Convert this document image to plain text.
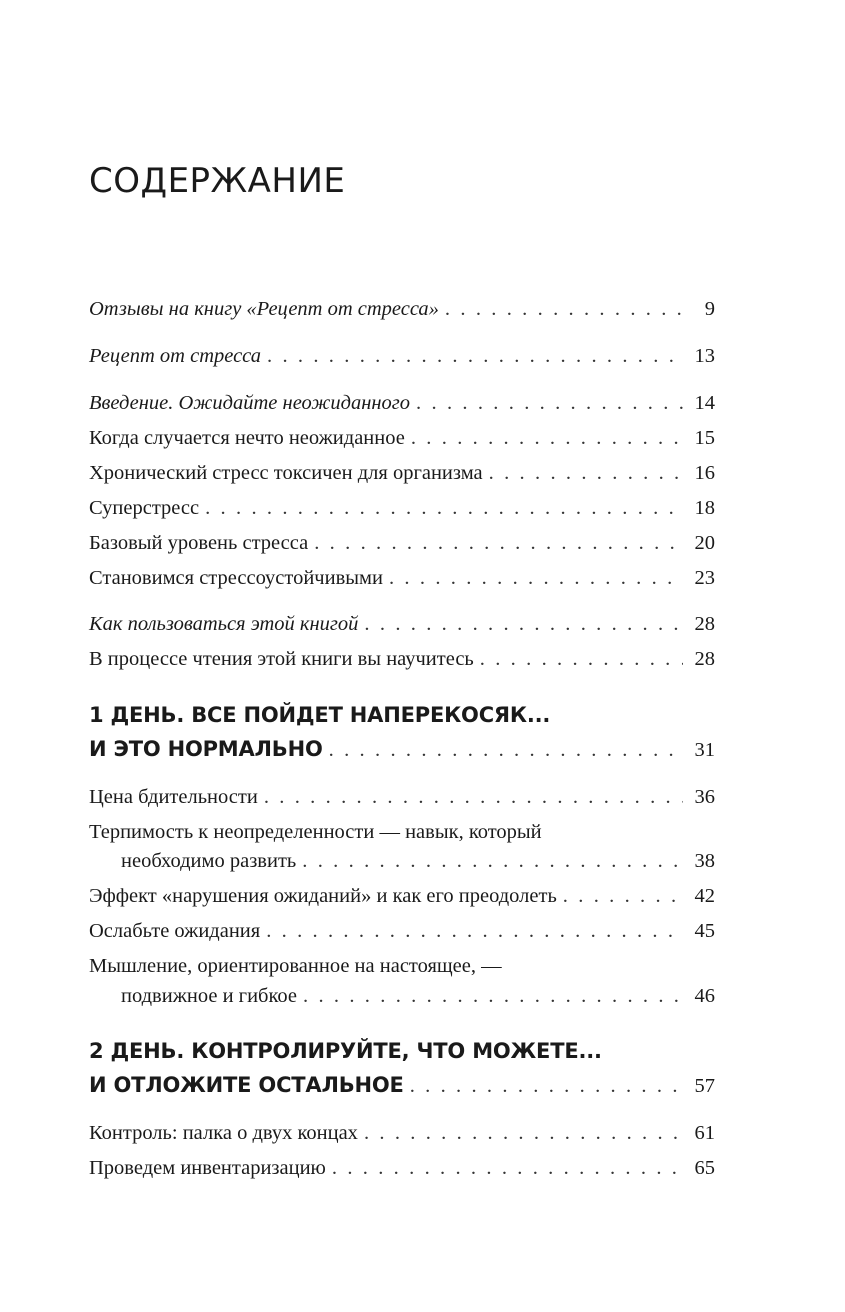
СОДЕРЖАНИЕ
Отзывы на книгу «Рецепт от стресса» . . .	9
Рецепт от стресса . . .	13
Введение. Ожидайте неожиданного . . .	14
Когда случается нечто неожиданное . . .	15
Хронический стресс токсичен для организма . . .	16
Суперстресс . . .	18
Базовый уровень стресса . . .	20
Становимся стрессоустойчивыми . . .	23
Как пользоваться этой книгой . . .	28
В процессе чтения этой книги вы научитесь . . .	28
1 ДЕНЬ. ВСЕ ПОЙДЕТ НАПЕРЕКОСЯК...
И ЭТО НОРМАЛЬНО . . .	31
Цена бдительности . . .	36
Терпимость к неопределенности — навык, который
необходимо развить . . .	38
Эффект «нарушения ожиданий» и как его преодолеть . . .	42
Ослабьте ожидания . . .	45
Мышление, ориентированное на настоящее, —
подвижное и гибкое . . .	46
2 ДЕНЬ. КОНТРОЛИРУЙТЕ, ЧТО МОЖЕТЕ...
И ОТЛОЖИТЕ ОСТАЛЬНОЕ . . .	57
Контроль: палка о двух концах . . .	61
Проведем инвентаризацию . . .	65
